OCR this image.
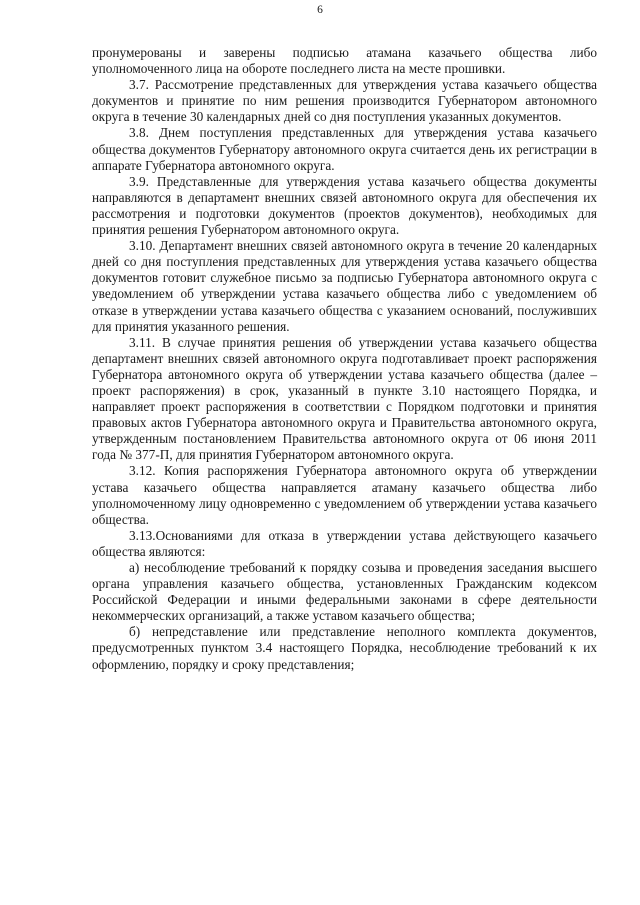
6

пронумерованы и заверены подписью атамана казачьего общества либо уполномоченного лица на обороте последнего листа на месте прошивки.

3.7. Рассмотрение представленных для утверждения устава казачьего общества документов и принятие по ним решения производится Губернатором автономного округа в течение 30 календарных дней со дня поступления указанных документов.

3.8. Днем поступления представленных для утверждения устава казачьего общества документов Губернатору автономного округа считается день их регистрации в аппарате Губернатора автономного округа.

3.9. Представленные для утверждения устава казачьего общества документы направляются в департамент внешних связей автономного округа для обеспечения их рассмотрения и подготовки документов (проектов документов), необходимых для принятия решения Губернатором автономного округа.

3.10. Департамент внешних связей автономного округа в течение 20 календарных дней со дня поступления представленных для утверждения устава казачьего общества документов готовит служебное письмо за подписью Губернатора автономного округа с уведомлением об утверждении устава казачьего общества либо с уведомлением об отказе в утверждении устава казачьего общества с указанием оснований, послуживших для принятия указанного решения.

3.11. В случае принятия решения об утверждении устава казачьего общества департамент внешних связей автономного округа подготавливает проект распоряжения Губернатора автономного округа об утверждении устава казачьего общества (далее – проект распоряжения) в срок, указанный в пункте 3.10 настоящего Порядка, и направляет проект распоряжения в соответствии с Порядком подготовки и принятия правовых актов Губернатора автономного округа и Правительства автономного округа, утвержденным постановлением Правительства автономного округа от 06 июня 2011 года № 377-П, для принятия Губернатором автономного округа.

3.12. Копия распоряжения Губернатора автономного округа об утверждении устава казачьего общества направляется атаману казачьего общества либо уполномоченному лицу одновременно с уведомлением об утверждении устава казачьего общества.

3.13.Основаниями для отказа в утверждении устава действующего казачьего общества являются:

а) несоблюдение требований к порядку созыва и проведения заседания высшего органа управления казачьего общества, установленных Гражданским кодексом Российской Федерации и иными федеральными законами в сфере деятельности некоммерческих организаций, а также уставом казачьего общества;

б) непредставление или представление неполного комплекта документов, предусмотренных пунктом 3.4 настоящего Порядка, несоблюдение требований к их оформлению, порядку и сроку представления;
